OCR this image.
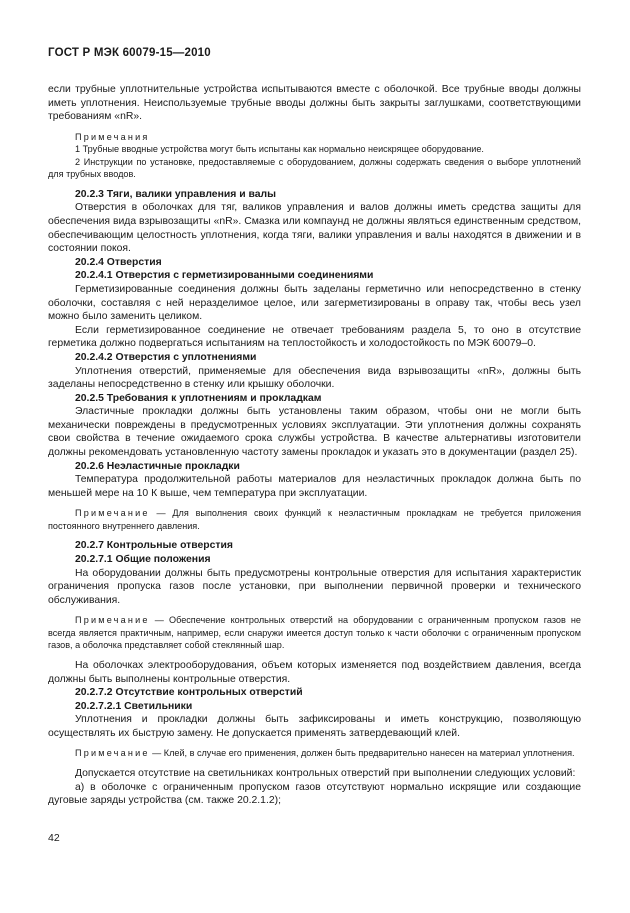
ГОСТ Р МЭК 60079-15—2010

если трубные уплотнительные устройства испытываются вместе с оболочкой. Все трубные вводы должны иметь уплотнения. Неиспользуемые трубные вводы должны быть закрыты заглушками, соответствующими требованиям «nR».

Примечания

1 Трубные вводные устройства могут быть испытаны как нормально неискрящее оборудование.

2 Инструкции по установке, предоставляемые с оборудованием, должны содержать сведения о выборе уплотнений для трубных вводов.

20.2.3 Тяги, валики управления и валы

Отверстия в оболочках для тяг, валиков управления и валов должны иметь средства защиты для обеспечения вида взрывозащиты «nR». Смазка или компаунд не должны являться единственным средством, обеспечивающим целостность уплотнения, когда тяги, валики управления и валы находятся в движении и в состоянии покоя.

20.2.4 Отверстия

20.2.4.1 Отверстия с герметизированными соединениями

Герметизированные соединения должны быть заделаны герметично или непосредственно в стенку оболочки, составляя с ней неразделимое целое, или загерметизированы в оправу так, чтобы весь узел можно было заменить целиком.

Если герметизированное соединение не отвечает требованиям раздела 5, то оно в отсутствие герметика должно подвергаться испытаниям на теплостойкость и холодостойкость по МЭК 60079–0.

20.2.4.2 Отверстия с уплотнениями

Уплотнения отверстий, применяемые для обеспечения вида взрывозащиты «nR», должны быть заделаны непосредственно в стенку или крышку оболочки.

20.2.5 Требования к уплотнениям и прокладкам

Эластичные прокладки должны быть установлены таким образом, чтобы они не могли быть механически повреждены в предусмотренных условиях эксплуатации. Эти уплотнения должны сохранять свои свойства в течение ожидаемого срока службы устройства. В качестве альтернативы изготовители должны рекомендовать установленную частоту замены прокладок и указать это в документации (раздел 25).

20.2.6 Неэластичные прокладки

Температура продолжительной работы материалов для неэластичных прокладок должна быть по меньшей мере на 10 К выше, чем температура при эксплуатации.

Примечание — Для выполнения своих функций к неэластичным прокладкам не требуется приложения постоянного внутреннего давления.

20.2.7 Контрольные отверстия

20.2.7.1 Общие положения

На оборудовании должны быть предусмотрены контрольные отверстия для испытания характеристик ограничения пропуска газов после установки, при выполнении первичной проверки и технического обслуживания.

Примечание — Обеспечение контрольных отверстий на оборудовании с ограниченным пропуском газов не всегда является практичным, например, если снаружи имеется доступ только к части оболочки с ограниченным пропуском газов, а оболочка представляет собой стеклянный шар.

На оболочках электрооборудования, объем которых изменяется под воздействием давления, всегда должны быть выполнены контрольные отверстия.

20.2.7.2 Отсутствие контрольных отверстий

20.2.7.2.1 Светильники

Уплотнения и прокладки должны быть зафиксированы и иметь конструкцию, позволяющую осуществлять их быструю замену. Не допускается применять затвердевающий клей.

Примечание — Клей, в случае его применения, должен быть предварительно нанесен на материал уплотнения.

Допускается отсутствие на светильниках контрольных отверстий при выполнении следующих условий:

а) в оболочке с ограниченным пропуском газов отсутствуют нормально искрящие или создающие дуговые заряды устройства (см. также 20.2.1.2);

42
